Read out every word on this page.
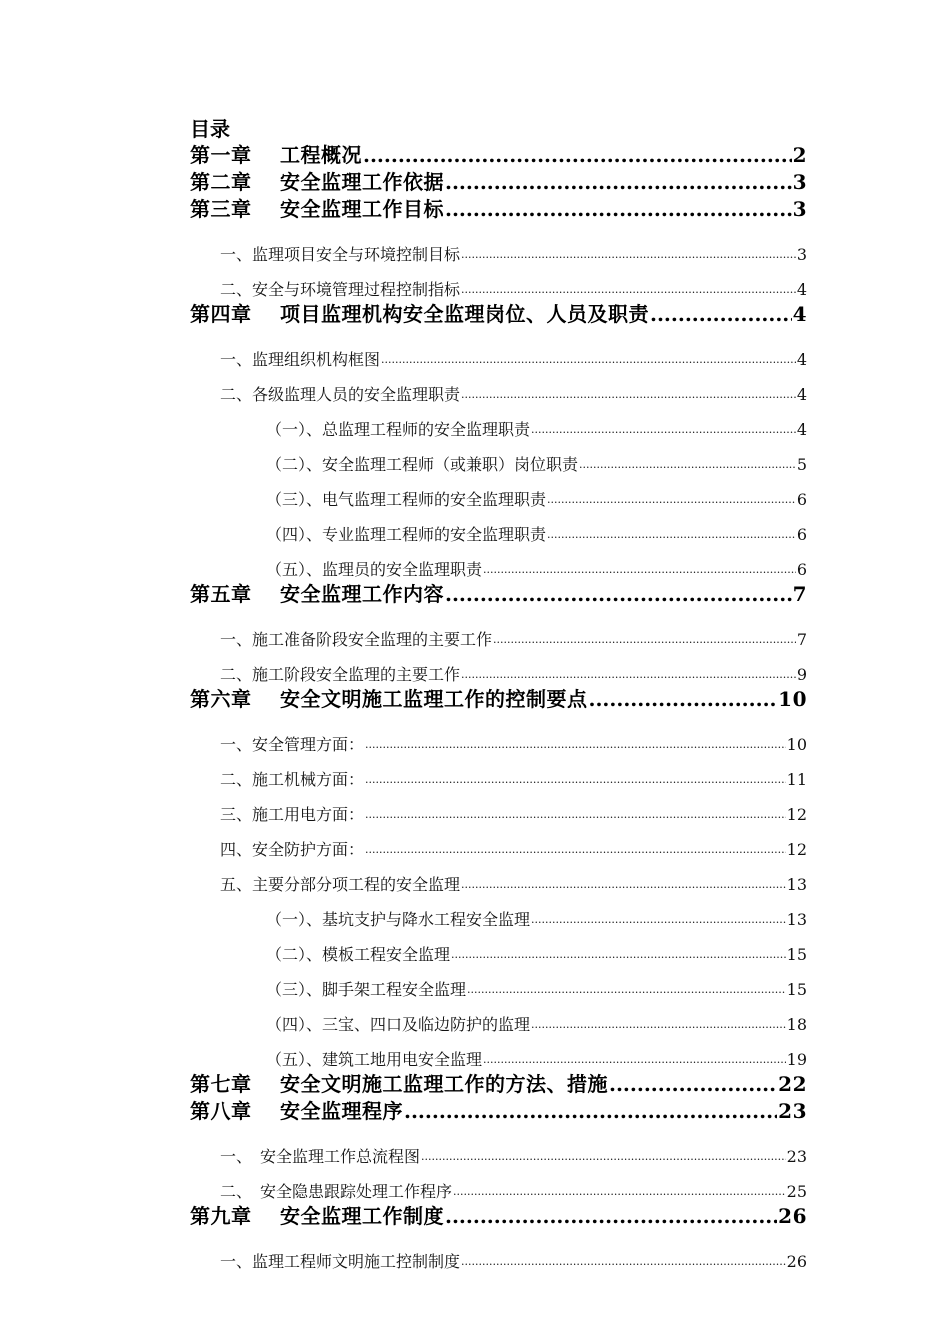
目录
第一章 工程概况 .....	2
第二章 安全监理工作依据 .....	3
第三章 安全监理工作目标 .....	3
一、监理项目安全与环境控制目标 .....	3
二、安全与环境管理过程控制指标 .....	4
第四章 项目监理机构安全监理岗位、人员及职责 .....	4
一、监理组织机构框图 .....	4
二、各级监理人员的安全监理职责 .....	4
（一）、总监理工程师的安全监理职责 .....	4
（二）、安全监理工程师（或兼职）岗位职责 .....	5
（三）、电气监理工程师的安全监理职责 .....	6
（四）、专业监理工程师的安全监理职责 .....	6
（五）、监理员的安全监理职责 .....	6
第五章 安全监理工作内容 .....	7
一、施工准备阶段安全监理的主要工作 .....	7
二、施工阶段安全监理的主要工作 .....	9
第六章 安全文明施工监理工作的控制要点 .....	10
一、安全管理方面： .....	10
二、施工机械方面： .....	11
三、施工用电方面： .....	12
四、安全防护方面： .....	12
五、主要分部分项工程的安全监理 .....	13
（一）、基坑支护与降水工程安全监理 .....	13
（二）、模板工程安全监理 .....	15
（三）、脚手架工程安全监理 .....	15
（四）、三宝、四口及临边防护的监理 .....	18
（五）、建筑工地用电安全监理 .....	19
第七章 安全文明施工监理工作的方法、措施 .....	22
第八章 安全监理程序 .....	23
一、　安全监理工作总流程图 .....	23
二、　安全隐患跟踪处理工作程序 .....	25
第九章 安全监理工作制度 .....	26
一、监理工程师文明施工控制制度 .....	26
